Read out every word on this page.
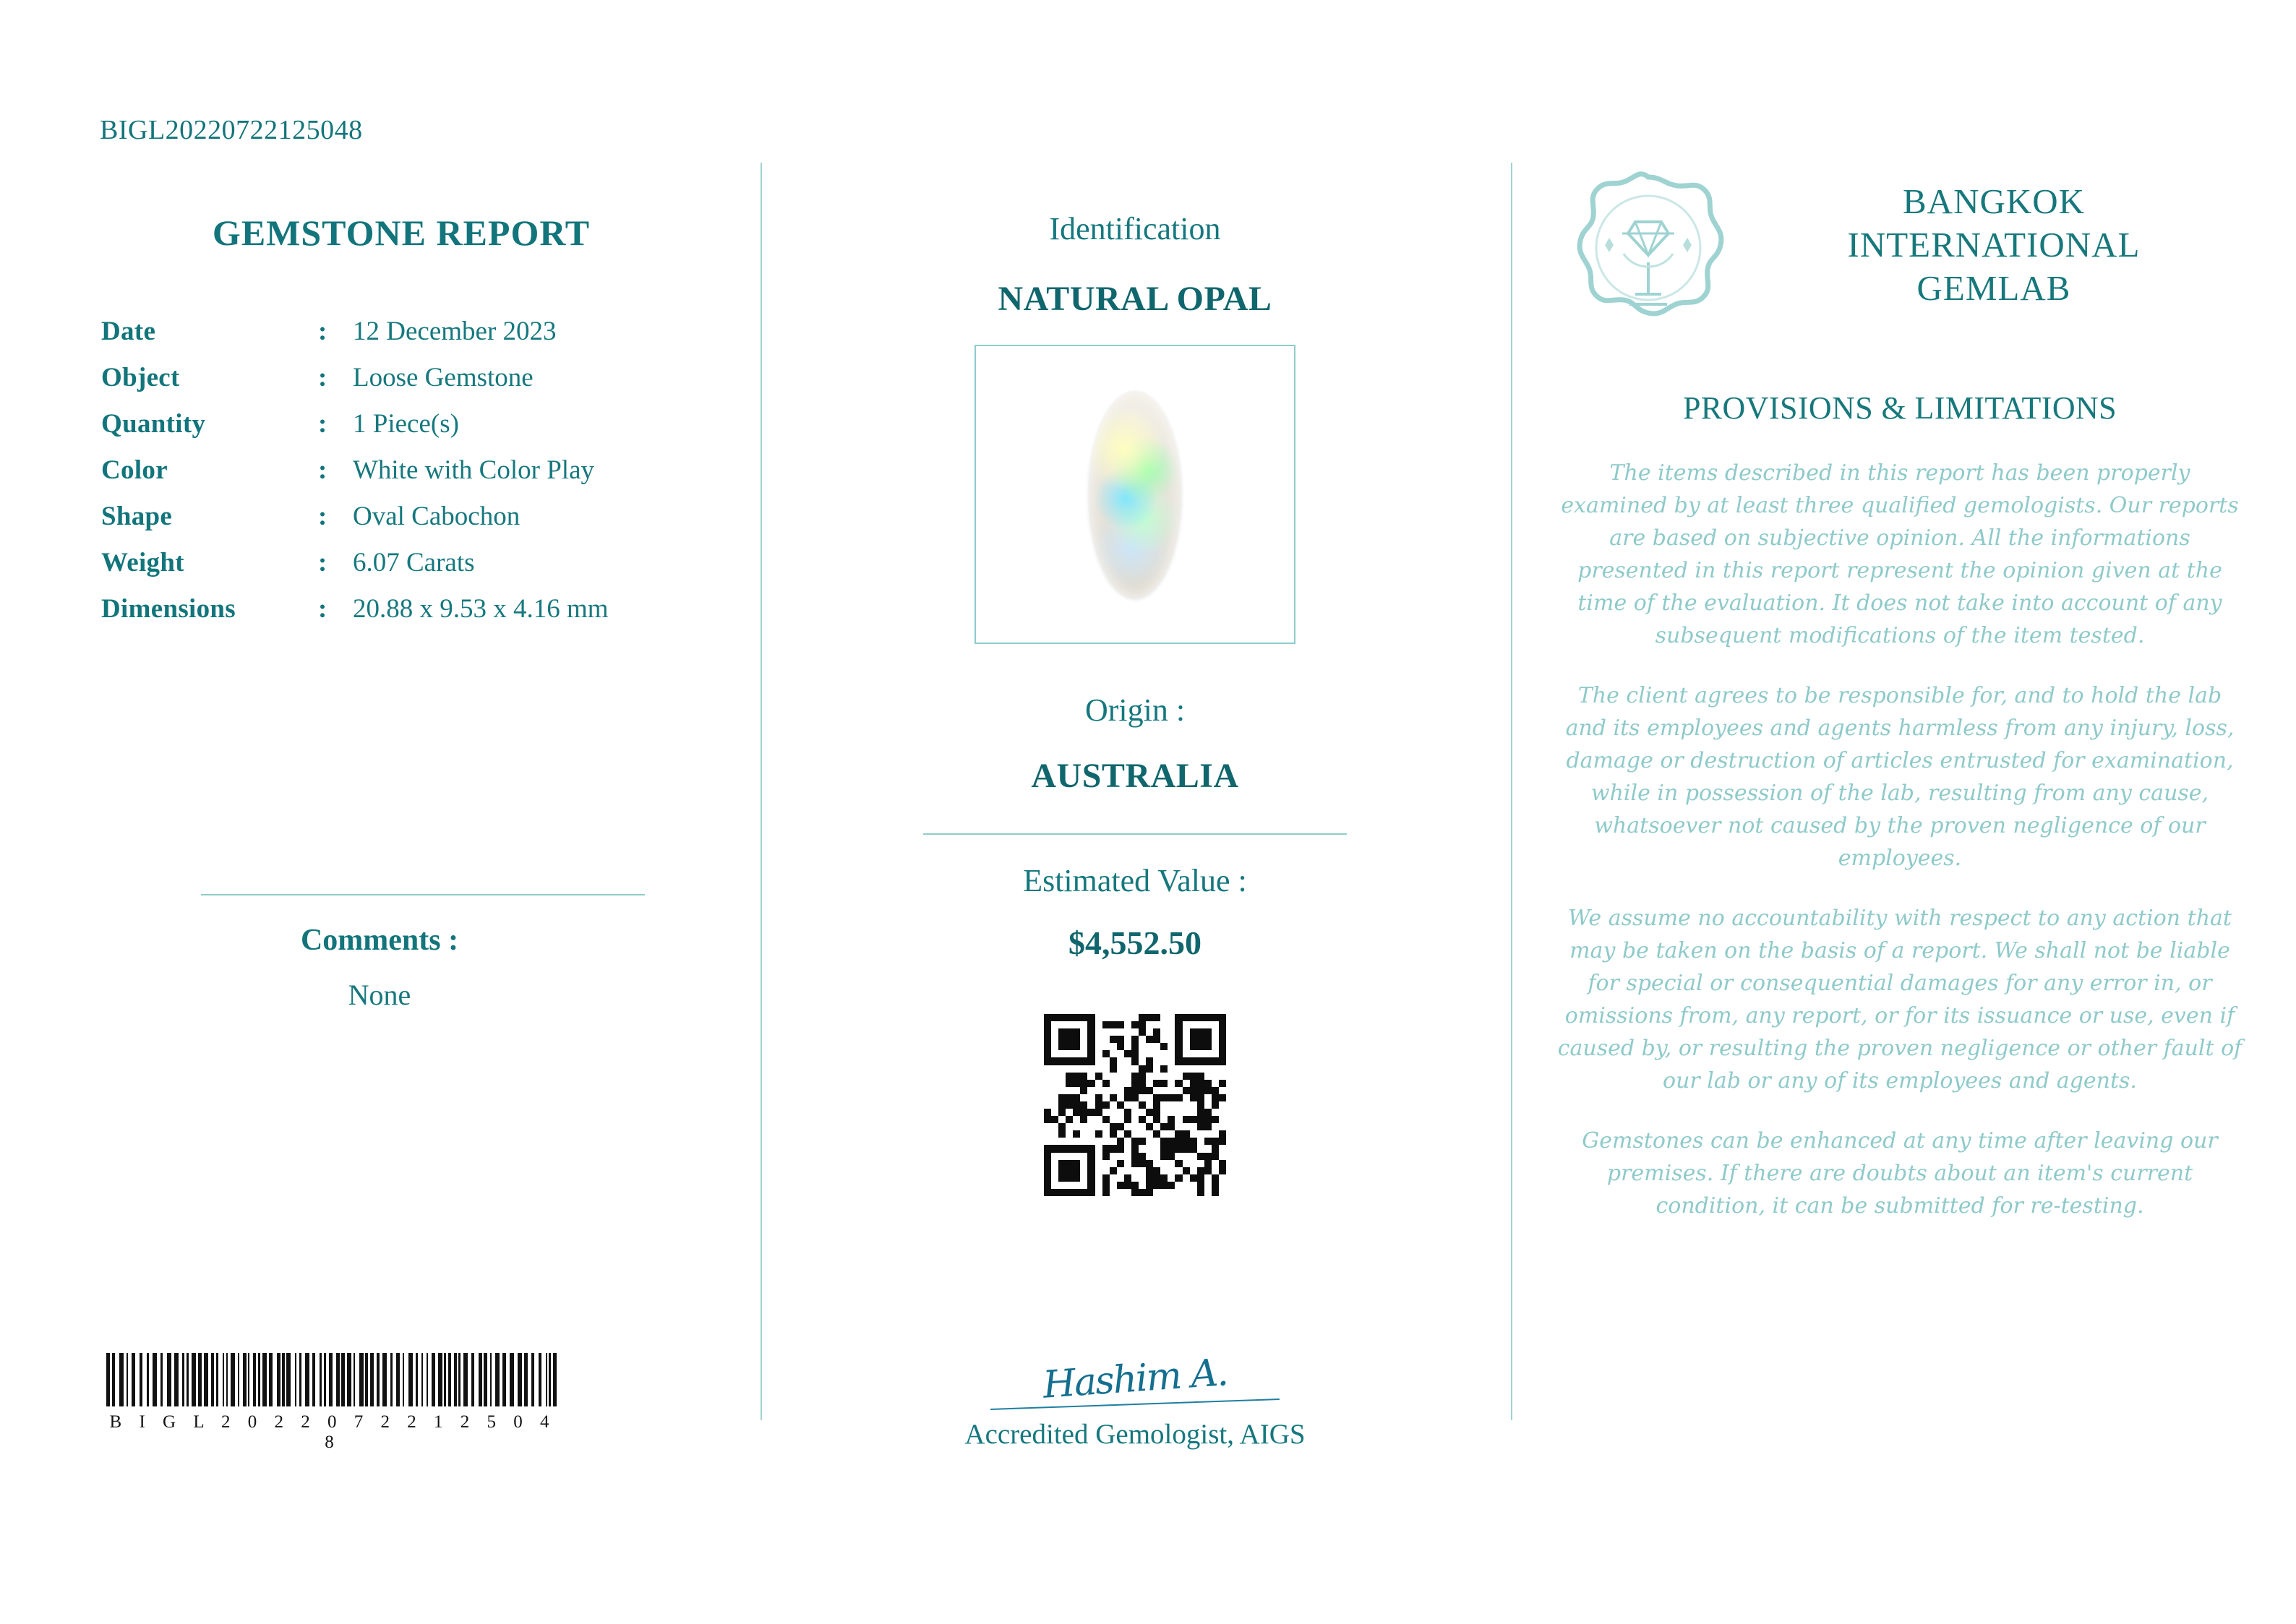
BIGL20220722125048
GEMSTONE REPORT
Date	:	12 December 2023
Object	:	Loose Gemstone
Quantity	:	1 Piece(s)
Color	:	White with Color Play
Shape	:	Oval Cabochon
Weight	:	6.07 Carats
Dimensions	:	20.88 x 9.53 x 4.16 mm
Comments :
None
B I G L 2 0 2 2 0 7 2 2 1 2 5 0 4 8
Identification
NATURAL OPAL
Origin :
AUSTRALIA
Estimated Value :
$4,552.50
Hashim A.
Accredited Gemologist, AIGS
BANGKOK
INTERNATIONAL
GEMLAB
PROVISIONS & LIMITATIONS

The items described in this report has been properly examined by at least three qualified gemologists. Our reports are based on subjective opinion. All the informations presented in this report represent the opinion given at the time of the evaluation. It does not take into account of any subsequent modifications of the item tested.

The client agrees to be responsible for, and to hold the lab and its employees and agents harmless from any injury, loss, damage or destruction of articles entrusted for examination, while in possession of the lab, resulting from any cause, whatsoever not caused by the proven negligence of our employees.

We assume no accountability with respect to any action that may be taken on the basis of a report. We shall not be liable for special or consequential damages for any error in, or omissions from, any report, or for its issuance or use, even if caused by, or resulting the proven negligence or other fault of our lab or any of its employees and agents.

Gemstones can be enhanced at any time after leaving our premises. If there are doubts about an item's current condition, it can be submitted for re-testing.
